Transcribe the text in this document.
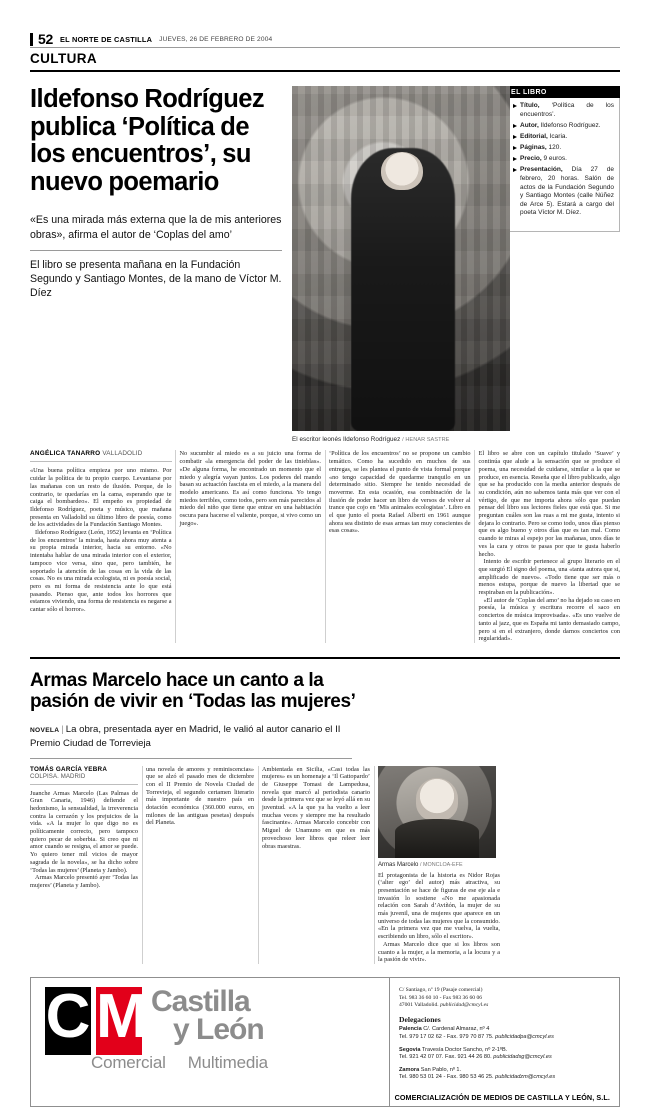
52 EL NORTE DE CASTILLA JUEVES, 26 DE FEBRERO DE 2004
CULTURA
EL LIBRO
Título, ‘Política de los encuentros’.
Autor, Ildefonso Rodríguez.
Editorial, Icaria.
Páginas, 120.
Precio, 9 euros.
Presentación, Día 27 de febrero, 20 horas. Salón de actos de la Fundación Segundo y Santiago Montes (calle Núñez de Arce 5). Estará a cargo del poeta Víctor M. Díez.
Ildefonso Rodríguez publica ‘Política de los encuentros’, su nuevo poemario
«Es una mirada más externa que la de mis anteriores obras», afirma el autor de ‘Coplas del amo’
El libro se presenta mañana en la Fundación Segundo y Santiago Montes, de la mano de Víctor M. Díez
El escritor leonés Ildefonso Rodríguez / HENAR SASTRE
ANGÉLICA TANARRO VALLADOLID

«Una buena política empieza por uno mismo. Por cuidar la política de tu propio cuerpo. Levantarse por las mañanas con un resto de ilusión. Porque, de lo contrario, te quedarías en la cama, esperando que te caiga el bombardeo». El empeño es propiedad de Ildefonso Rodríguez, poeta y músico, que mañana presenta en Valladolid su último libro de poesía, como de los actividades de la Fundación Santiago Montes.

Ildefonso Rodríguez (León, 1952) levanta en ‘Política de los encuentros’ la mirada, hasta ahora muy atenta a su propia mirada interior, hacia su entorno. «No intentaba hablar de una mirada interior con el exterior, tampoco vice versa, sino que, pero también, he soportado la atención de las cosas en la vida de las cosas. No es una mirada ecologista, ni es poesía social, pero es mi forma de resistencia ante lo que está pasando. Pienso que, ante todos los horrores que estamos viviendo, una forma de resistencia es negarse a cantar sólo el horror».

No sucumbir al miedo es a su juicio una forma de combatir «la emergencia del poder de las tinieblas». «De alguna forma, he encontrado un momento que el miedo y alegría vayan juntos. Los poderes del mando basan su actuación fascista en el miedo, a la manera del modelo americano. Es así como funciona. Yo tengo miedos terribles, como todos, pero son más parecidos al miedo del niño que tiene que entrar en una habitación oscura para hacerse el valiente, porque, si vivo como un juego».

‘Política de los encuentros’ no se propone un cambio temático. Como ha sucedido en muchos de sus entregas, se les plantea el punto de vista formal porque «no tengo capacidad de quedarme tranquilo en un determinado sitio. Siempre he tenido necesidad de moverme. En esta ocasión, esa combinación de la ilusión de poder hacer un libro de versos de volver al trance que cojo en ‘Mis animales ecologistas’. Libro en el que junto el poeta Rafael Alberti en 1961 aunque ahora sea distinto de esas armas tan muy conscientes de esas cosas».

El libro se abre con un capítulo titulado ‘Suave’ y continúa que alude a la sensación que se produce el poema, una necesidad de cuidarse, similar a la que se produce, en esencia. Reseña que el libro publicado, algo que se ha producido con la media anterior después de su condición, aún no sabemos tanta más que ver con el vértigo, de que me importa ahora sólo que puedan pensar del libro sus lectores fieles que está que. Si me preguntan cuáles son las ruas a mi me gusta, intento si dejara lo contrario. Pero se como todo, unos días pienso que es algo bueno y otros días que es tan mal. Como cuando te miras al espejo por las mañanas, unos días te ves la cara y otros te pasas por que te gusta haberlo hecho.

Intento de escribir pertenece al grupo literario en el que surgió El signo del poema, una «tanta autora que si, amplificado de nuevo». «Todo tiene que ser más o menos estupa, porque de nuevo la libertad que se respiraban en la publicación».

«El autor de ‘Coplas del amo’ no ha dejado su caso en poesía, la música y escritura recorre el saco en conciertos de música improvisada». «Es uno vuelve de tanto al jazz, que es España mi tanto demasiado campo, pero si en el extranjero, donde darnos conciertos con regularidad».

Armas Marcelo hace un canto a la pasión de vivir en ‘Todas las mujeres’
NOVELA | La obra, presentada ayer en Madrid, le valió al autor canario el II Premio Ciudad de Torrevieja
TOMÁS GARCÍA YEBRA
COLPISA. MADRID

Juanche Armas Marcelo (Las Palmas de Gran Canaria, 1946) defiende el hedonismo, la sensualidad, la irreverencia contra la cerrazón y los prejuicios de la vida. «A la mujer lo que digo no es políticamente correcto, pero tampoco quiero pecar de soberbia. Si creo que ni amor cuando se resigna, el amor se puede. Yo quiero tener mil vicios de mayor sagrada de la novela», se ha dicho sobre ‘Todas las mujeres’ (Planeta y Jambo).

Armas Marcelo presentó ayer ‘Todas las mujeres’ (Planeta y Jambo).

una novela de amores y reminiscencias» que se alzó el pasado mes de diciembre con el II Premio de Novela Ciudad de Torrevieja, el segundo certamen literario más importante de nuestro país en dotación económica (360.000 euros, en milones de las antiguas pesetas) después del Planeta.

Ambientada en Sicilia, «Casi todas las mujeres» es un homenaje a ‘Il Gattopardo’ de Giuseppe Tomasi de Lampedusa, novela que marcó al periodista canario desde la primera vez que se leyó allá en su juventud. «A la que ya ha vuelto a leer muchas veces y siempre me ha resultado fascinante». Armas Marcelo concebir con Miguel de Unamuno en que es más provechoso leer libros que releer leer obras maestras.

Armas Marcelo / MONCLOA-EFE

El protagonista de la historia es Nidor Rojas (‘alter ego’ del autor) más atractiva, su presentación se hace de figuras de ese eje ala e invasión lo sostiene «No me apasionada relación con Sarah d’Aviñón, la mujer de su más juvenil, una de mujeres que aparece en un universo de todas las mujeres que la consumido. «En la primera vez que me vuelva, la vuelta, escribiendo un libro, sólo el escritor».

Armas Marcelo dice que si los libros son cuanto a la mujer, a la memoria, a la locura y a la pasión de vivir».

C M Castilla
y León
Comercial Multimedia
C/ Santiago, nº 19 (Pasaje comercial)
Tel. 983 36 60 10 - Fax 983 36 60 06
47001 Valladolid. publicidad@cmcyl.es
Delegaciones
Palencia C/. Cardenal Almaraz, nº 4
Tel. 979 17 02 62 - Fax. 979 70 87 75. publicidadpa@cmcyl.es
Segovia Travesía Doctor Sancho, nº 2-1ºB.
Tel. 921 42 07 07. Fax. 921 44 26 80. publicidadsg@cmcyl.es
Zamora San Pablo, nº 1.
Tel. 980 53 01 24 - Fax. 980 53 46 25. publicidadzm@cmcyl.es
COMERCIALIZACIÓN DE MEDIOS DE CASTILLA Y LEÓN, S.L.
